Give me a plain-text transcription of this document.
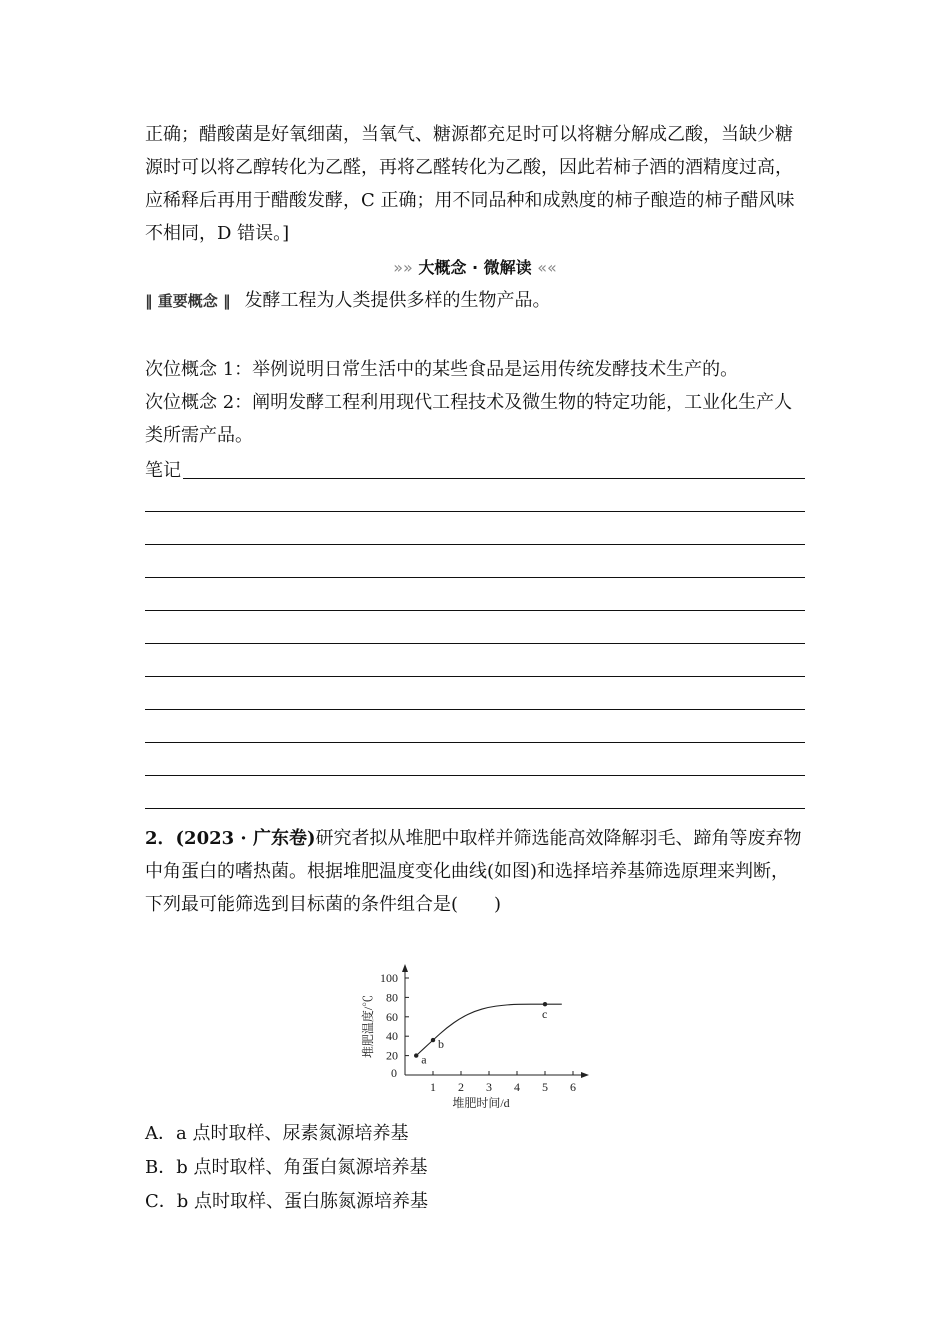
正确；醋酸菌是好氧细菌，当氧气、糖源都充足时可以将糖分解成乙酸，当缺少糖源时可以将乙醇转化为乙醛，再将乙醛转化为乙酸，因此若柿子酒的酒精度过高，应稀释后再用于醋酸发酵，C 正确；用不同品种和成熟度的柿子酿造的柿子醋风味不相同，D 错误。]
»» 大概念 · 微解读 ««
‖ 重要概念 ‖ 发酵工程为人类提供多样的生物产品。
次位概念 1：举例说明日常生活中的某些食品是运用传统发酵技术生产的。
次位概念 2：阐明发酵工程利用现代工程技术及微生物的特定功能，工业化生产人类所需产品。
笔记
2．(2023 · 广东卷)研究者拟从堆肥中取样并筛选能高效降解羽毛、蹄角等废弃物中角蛋白的嗜热菌。根据堆肥温度变化曲线(如图)和选择培养基筛选原理来判断，下列最可能筛选到目标菌的条件组合是(　　)
0
1 2 3 4 5 6
20
40
60
80
100
堆肥时间/d
堆肥温度/℃
a
b
c
A．a 点时取样、尿素氮源培养基
B．b 点时取样、角蛋白氮源培养基
C．b 点时取样、蛋白胨氮源培养基
